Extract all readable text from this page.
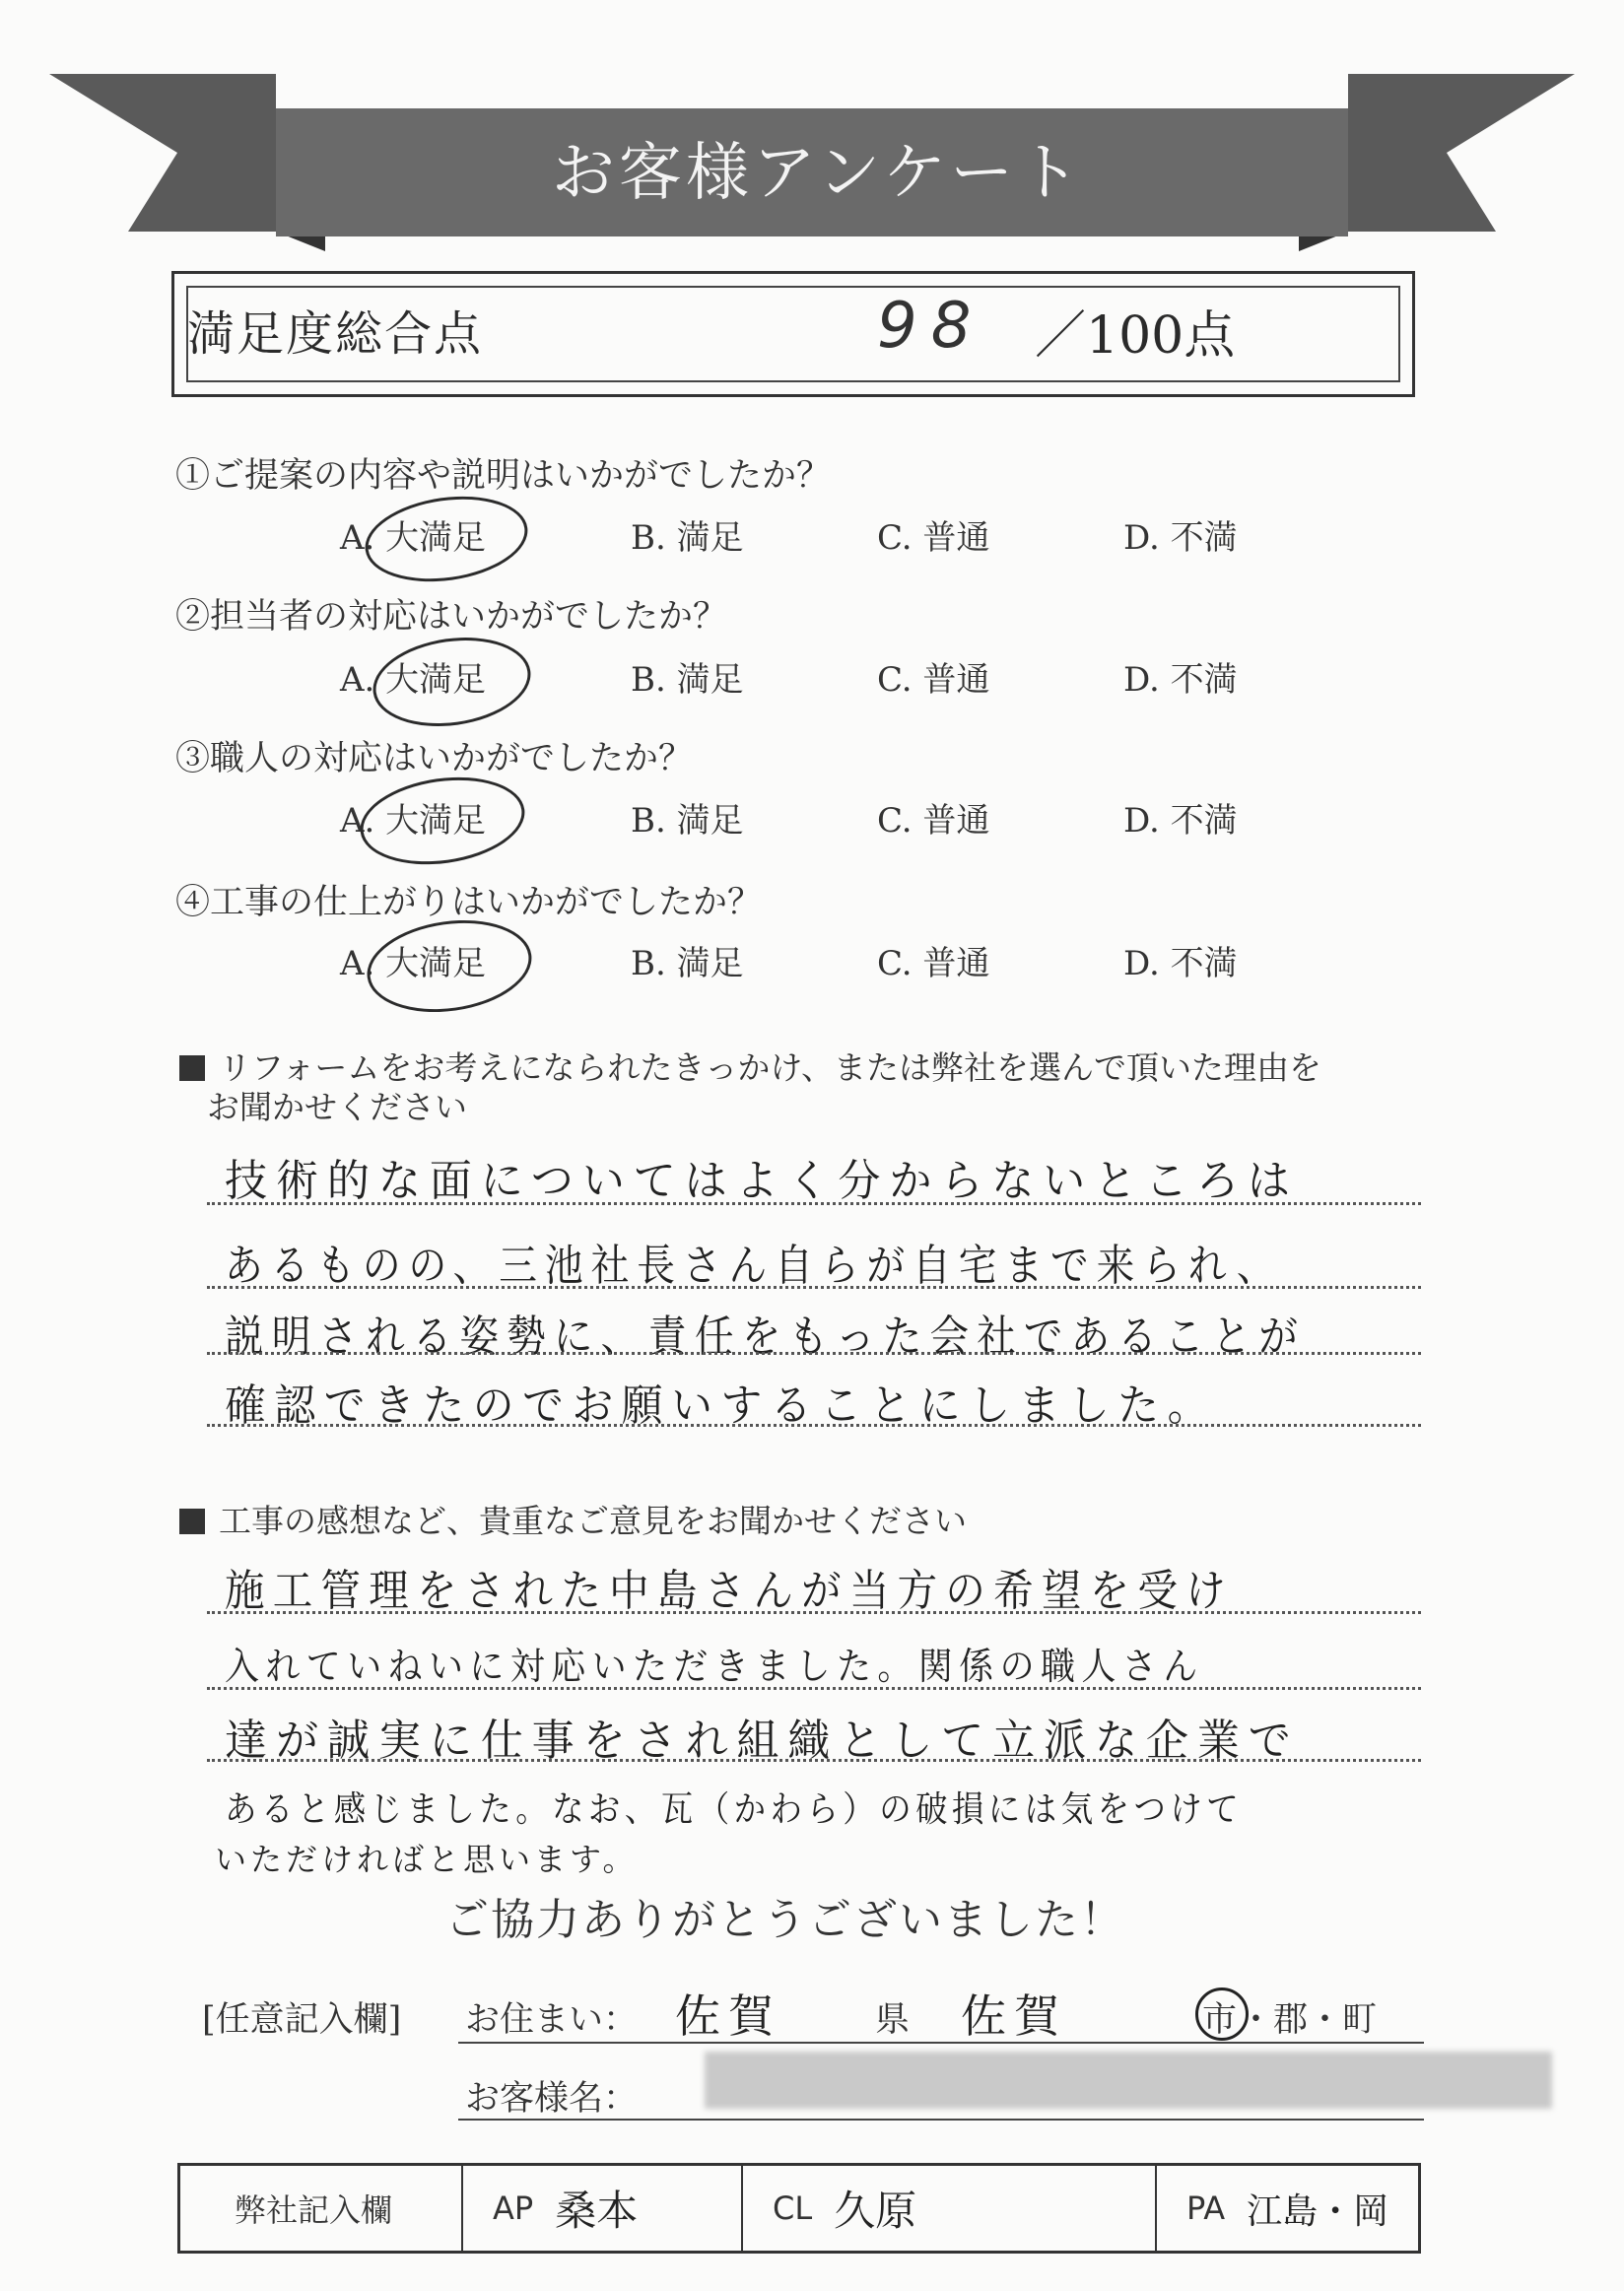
お客様アンケート
満足度総合点	98 ／100点
①ご提案の内容や説明はいかがでしたか？
A. 大満足	B. 満足	C. 普通	D. 不満
②担当者の対応はいかがでしたか？
A. 大満足	B. 満足	C. 普通	D. 不満
③職人の対応はいかがでしたか？
A. 大満足	B. 満足	C. 普通	D. 不満
④工事の仕上がりはいかがでしたか？
A. 大満足	B. 満足	C. 普通	D. 不満
リフォームをお考えになられたきっかけ、または弊社を選んで頂いた理由を
お聞かせください
技術的な面についてはよく分からないところは
あるものの、三池社長さん自らが自宅まで来られ、
説明される姿勢に、責任をもった会社であることが
確認できたのでお願いすることにしました。
工事の感想など、貴重なご意見をお聞かせください
施工管理をされた中島さんが当方の希望を受け
入れていねいに対応いただきました。関係の職人さん
達が誠実に仕事をされ組織として立派な企業で
あると感じました。なお、瓦（かわら）の破損には気をつけて
いただければと思います。
ご協力ありがとうございました！
[任意記入欄] お住まい： 佐賀	県 佐賀	市 ・郡・町
お客様名：
弊社記入欄	AP 桑本	CL 久原	PA 江島・岡
